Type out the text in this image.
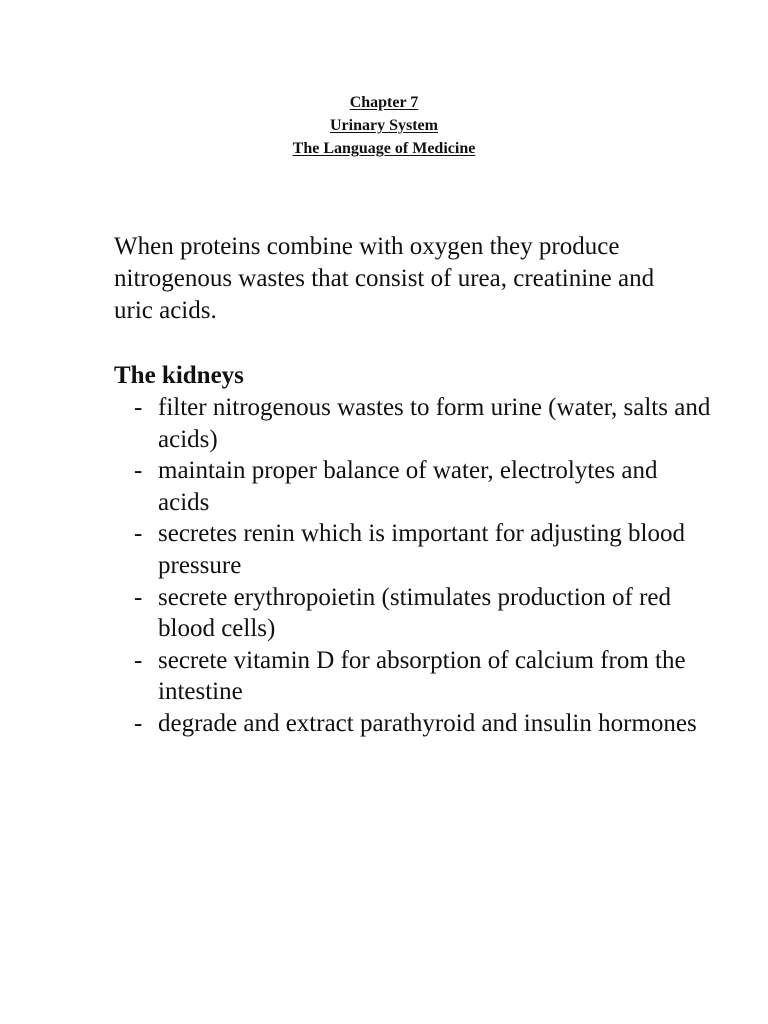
Chapter 7
Urinary System
The Language of Medicine

When proteins combine with oxygen they produce nitrogenous wastes that consist of urea, creatinine and uric acids.

The kidneys

- filter nitrogenous wastes to form urine (water, salts and acids)
- maintain proper balance of water, electrolytes and acids
- secretes renin which is important for adjusting blood pressure
- secrete erythropoietin (stimulates production of red blood cells)
- secrete vitamin D for absorption of calcium from the intestine
- degrade and extract parathyroid and insulin hormones
